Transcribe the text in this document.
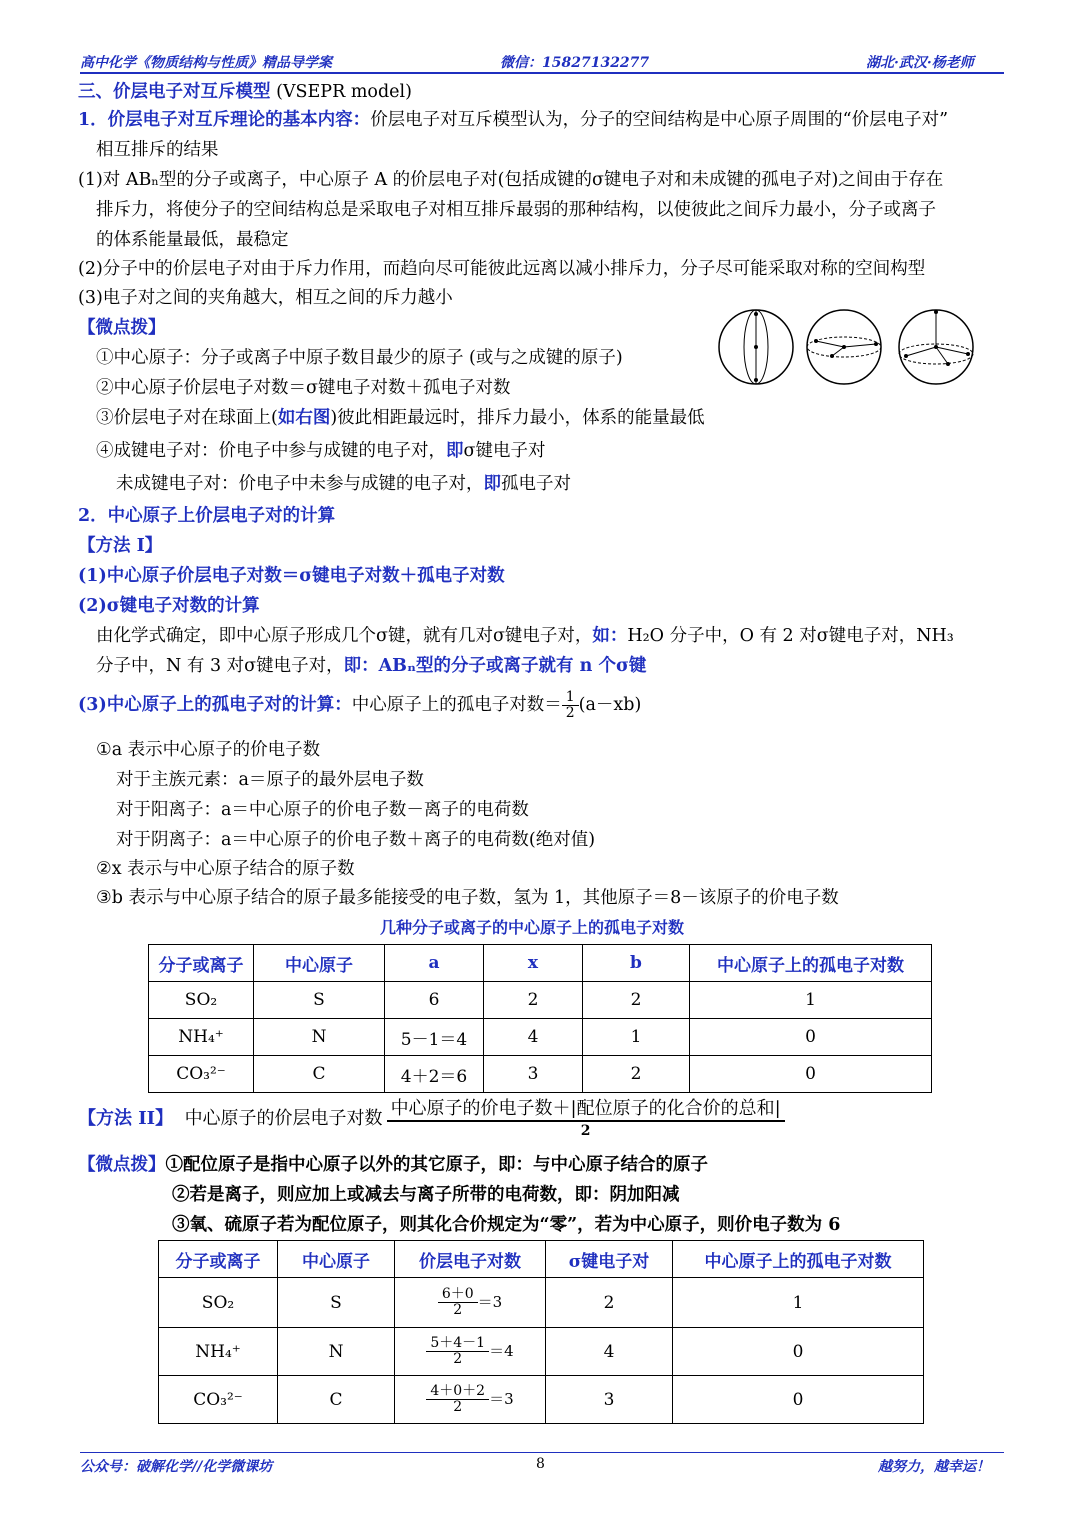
高中化学《物质结构与性质》精品导学案	微信：15827132277	湖北·武汉·杨老师
三、价层电子对互斥模型 (VSEPR model)
1．价层电子对互斥理论的基本内容：价层电子对互斥模型认为，分子的空间结构是中心原子周围的“价层电子对”
相互排斥的结果
(1)对 ABₙ型的分子或离子，中心原子 A 的价层电子对(包括成键的σ键电子对和未成键的孤电子对)之间由于存在
排斥力，将使分子的空间结构总是采取电子对相互排斥最弱的那种结构，以使彼此之间斥力最小，分子或离子
的体系能量最低，最稳定
(2)分子中的价层电子对由于斥力作用，而趋向尽可能彼此远离以减小排斥力，分子尽可能采取对称的空间构型
(3)电子对之间的夹角越大，相互之间的斥力越小
【微点拨】
①中心原子：分子或离子中原子数目最少的原子 (或与之成键的原子)
②中心原子价层电子对数＝σ键电子对数＋孤电子对数
③价层电子对在球面上(如右图)彼此相距最远时，排斥力最小，体系的能量最低
④成键电子对：价电子中参与成键的电子对，即σ键电子对
未成键电子对：价电子中未参与成键的电子对，即孤电子对
2．中心原子上价层电子对的计算
【方法 I】
(1)中心原子价层电子对数＝σ键电子对数＋孤电子对数
(2)σ键电子对数的计算
由化学式确定，即中心原子形成几个σ键，就有几对σ键电子对，如：H₂O 分子中，O 有 2 对σ键电子对，NH₃
分子中，N 有 3 对σ键电子对，即：ABₙ型的分子或离子就有 n 个σ键
(3)中心原子上的孤电子对的计算：中心原子上的孤电子对数＝ $\frac{1}{2} (a-xb)$
①a 表示中心原子的价电子数
对于主族元素：a＝原子的最外层电子数
对于阳离子：a＝中心原子的价电子数－离子的电荷数
对于阴离子：a＝中心原子的价电子数＋离子的电荷数(绝对值)
②x 表示与中心原子结合的原子数
③b 表示与中心原子结合的原子最多能接受的电子数，氢为 1，其他原子＝8－该原子的价电子数
几种分子或离子的中心原子上的孤电子对数
分子或离子	中心原子	a	x	b	中心原子上的孤电子对数
SO₂	S	6	2	2	1
NH₄⁺	N	5－1＝4	4	1	0
CO₃²⁻	C	4＋2＝6	3	2	0
【方法 II】 中心原子的价层电子对数 中心原子的价电子数＋|配位原子的化合价的总和|
2
【微点拨】①配位原子是指中心原子以外的其它原子，即：与中心原子结合的原子
②若是离子，则应加上或减去与离子所带的电荷数，即：阴加阳减
③氧、硫原子若为配位原子，则其化合价规定为“零”，若为中心原子，则价电子数为 6
分子或离子	中心原子	价层电子对数	σ键电子对	中心原子上的孤电子对数
SO₂	S	$\frac{6+0}{2} =3$	2	1
NH₄⁺	N	$\frac{5+4-1}{2} =4$	4	0
CO₃²⁻	C	$\frac{4+0+2}{2} =3$	3	0
公众号：破解化学//化学微课坊	8	越努力，越幸运！
